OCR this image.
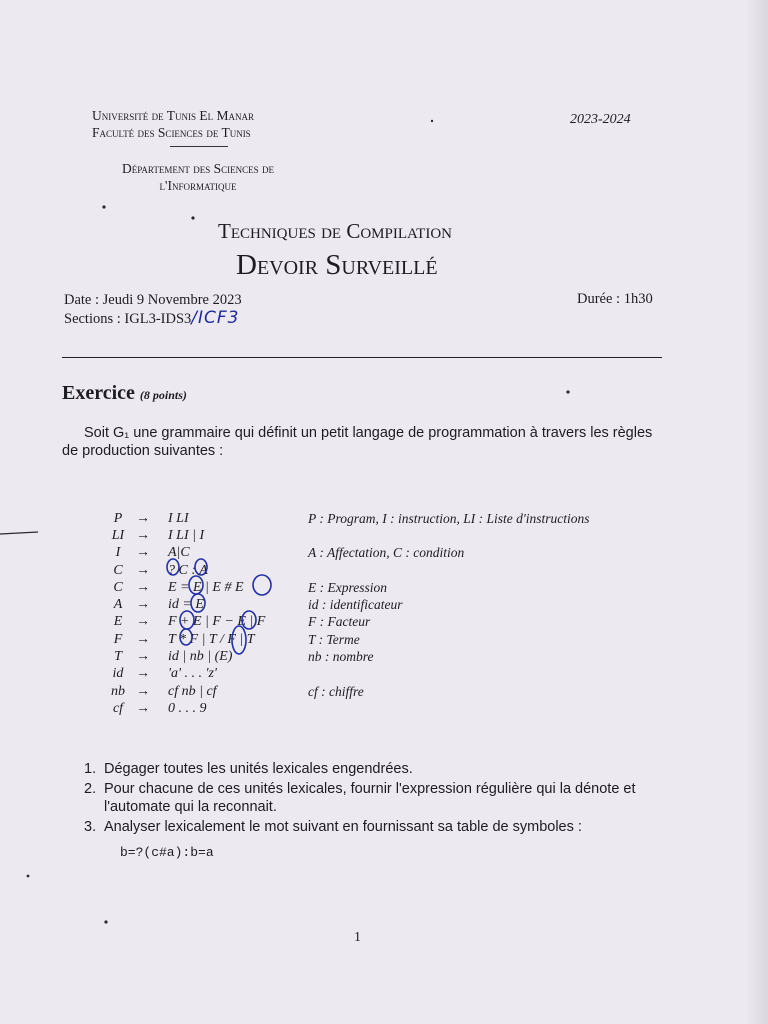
Université de Tunis El Manar
Faculté des Sciences de Tunis
Département des Sciences de
l'Informatique
2023-2024
Techniques de Compilation
Devoir Surveillé
Date : Jeudi 9 Novembre 2023
Sections : IGL3-IDS3/ICF3
Durée : 1h30
Exercice (8 points)
Soit G₁ une grammaire qui définit un petit langage de programmation à travers les règles
de production suivantes :
P →	I LI	P : Program, I : instruction, LI : Liste d'instructions
LI →	I LI | I
I	→	A|C	A : Affectation, C : condition
C →	? C : A
C →	E = E | E # E	E : Expression
A →	id = E	id : identificateur
E →	F + E | F − E | F	F : Facteur
F →	T * F | T / F | T	T : Terme
T	→	id | nb | (E)	nb : nombre
id →	'a' . . . 'z'
nb →	cf nb | cf	cf : chiffre
cf →	0 . . . 9
1. Dégager toutes les unités lexicales engendrées.
2. Pour chacune de ces unités lexicales, fournir l'expression régulière qui la dénote et l'automate qui la reconnait.
3. Analyser lexicalement le mot suivant en fournissant sa table de symboles :
b=?(c#a):b=a
1
